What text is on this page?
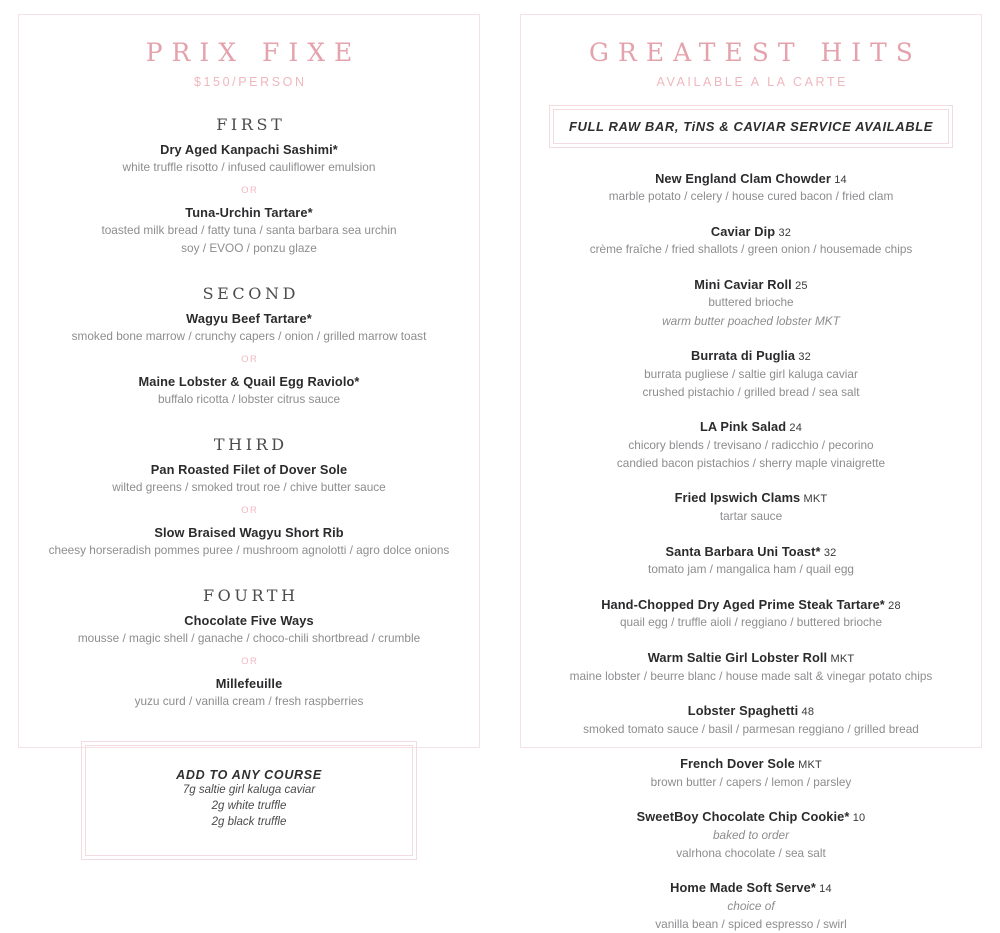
PRIX FIXE
$150/PERSON
FIRST
Dry Aged Kanpachi Sashimi*
white truffle risotto / infused cauliflower emulsion
OR
Tuna-Urchin Tartare*
toasted milk bread / fatty tuna / santa barbara sea urchin
soy / EVOO / ponzu glaze
SECOND
Wagyu Beef Tartare*
smoked bone marrow / crunchy capers / onion / grilled marrow toast
OR
Maine Lobster & Quail Egg Raviolo*
buffalo ricotta / lobster citrus sauce
THIRD
Pan Roasted Filet of Dover Sole
wilted greens / smoked trout roe / chive butter sauce
OR
Slow Braised Wagyu Short Rib
cheesy horseradish pommes puree / mushroom agnolotti / agro dolce onions
FOURTH
Chocolate Five Ways
mousse / magic shell / ganache / choco-chili shortbread / crumble
OR
Millefeuille
yuzu curd / vanilla cream / fresh raspberries
ADD TO ANY COURSE
7g saltie girl kaluga caviar
2g white truffle
2g black truffle
GREATEST HITS
AVAILABLE A LA CARTE
FULL RAW BAR, TiNS & CAVIAR SERVICE AVAILABLE
New England Clam Chowder 14
marble potato / celery / house cured bacon / fried clam
Caviar Dip 32
crème fraîche / fried shallots / green onion / housemade chips
Mini Caviar Roll 25
buttered brioche
warm butter poached lobster MKT
Burrata di Puglia 32
burrata pugliese / saltie girl kaluga caviar
crushed pistachio / grilled bread / sea salt
LA Pink Salad 24
chicory blends / trevisano / radicchio / pecorino
candied bacon pistachios / sherry maple vinaigrette
Fried Ipswich Clams MKT
tartar sauce
Santa Barbara Uni Toast* 32
tomato jam / mangalica ham / quail egg
Hand-Chopped Dry Aged Prime Steak Tartare* 28
quail egg / truffle aioli / reggiano / buttered brioche
Warm Saltie Girl Lobster Roll MKT
maine lobster / beurre blanc / house made salt & vinegar potato chips
Lobster Spaghetti 48
smoked tomato sauce / basil / parmesan reggiano / grilled bread
French Dover Sole MKT
brown butter / capers / lemon / parsley
SweetBoy Chocolate Chip Cookie* 10
baked to order
valrhona chocolate / sea salt
Home Made Soft Serve* 14
choice of
vanilla bean / spiced espresso / swirl
